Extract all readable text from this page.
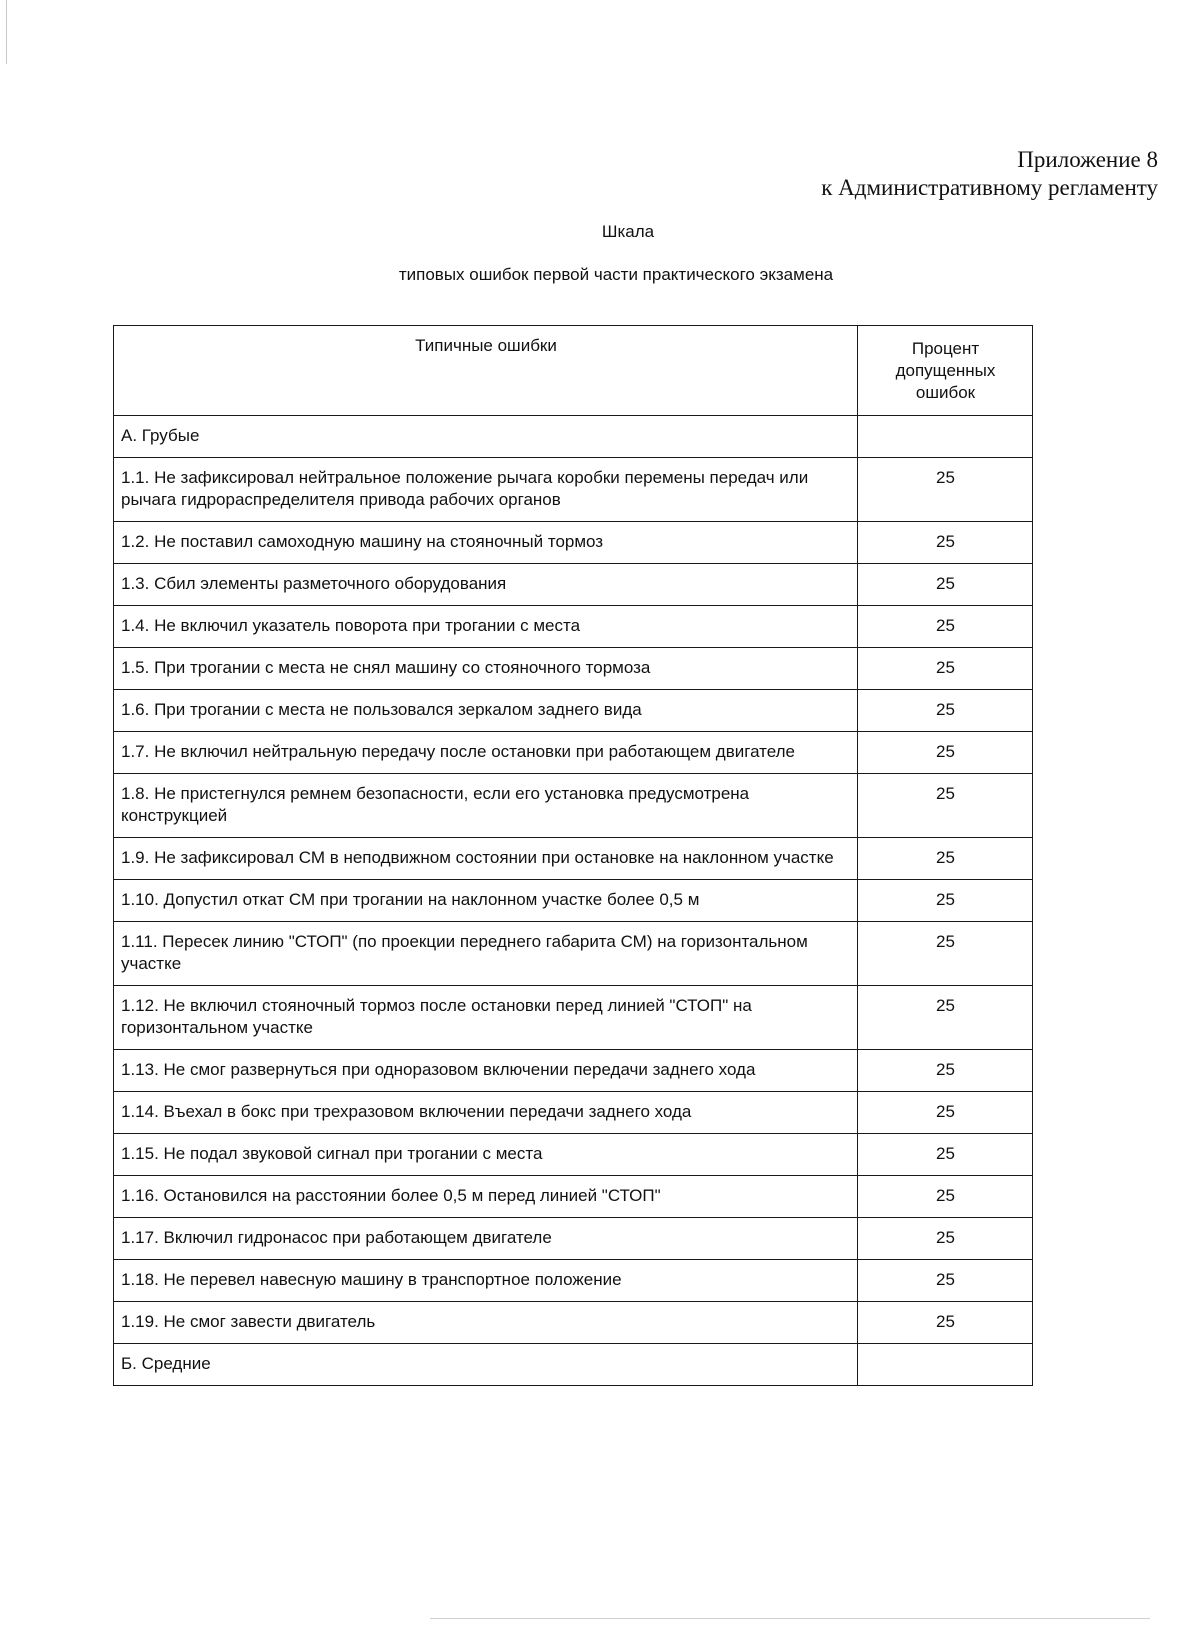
Приложение 8
к Административному регламенту
Шкала
типовых ошибок первой части практического экзамена
Типичные ошибки	Процент допущенных ошибок
А. Грубые	
1.1. Не зафиксировал нейтральное положение рычага коробки перемены передач или рычага гидрораспределителя привода рабочих органов	25
1.2. Не поставил самоходную машину на стояночный тормоз	25
1.3. Сбил элементы разметочного оборудования	25
1.4. Не включил указатель поворота при трогании с места	25
1.5. При трогании с места не снял машину со стояночного тормоза	25
1.6. При трогании с места не пользовался зеркалом заднего вида	25
1.7. Не включил нейтральную передачу после остановки при работающем двигателе	25
1.8. Не пристегнулся ремнем безопасности, если его установка предусмотрена конструкцией	25
1.9. Не зафиксировал СМ в неподвижном состоянии при остановке на наклонном участке	25
1.10. Допустил откат СМ при трогании на наклонном участке более 0,5 м	25
1.11. Пересек линию "СТОП" (по проекции переднего габарита СМ) на горизонтальном участке	25
1.12. Не включил стояночный тормоз после остановки перед линией "СТОП" на горизонтальном участке	25
1.13. Не смог развернуться при одноразовом включении передачи заднего хода	25
1.14. Въехал в бокс при трехразовом включении передачи заднего хода	25
1.15. Не подал звуковой сигнал при трогании с места	25
1.16. Остановился на расстоянии более 0,5 м перед линией "СТОП"	25
1.17. Включил гидронасос при работающем двигателе	25
1.18. Не перевел навесную машину в транспортное положение	25
1.19. Не смог завести двигатель	25
Б. Средние	
